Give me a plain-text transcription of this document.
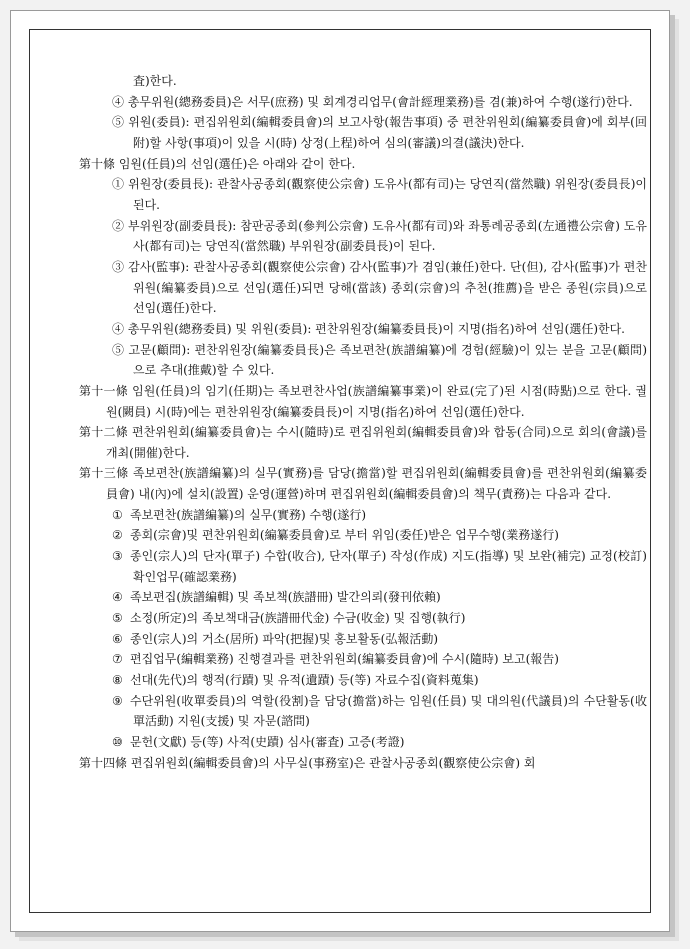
査)한다.

④ 총무위원(總務委員)은 서무(庶務) 및 회계경리업무(會計經理業務)를 겸(兼)하여 수행(遂行)한다.

⑤ 위원(委員): 편집위원회(編輯委員會)의 보고사항(報告事項) 중 편찬위원회(編纂委員會)에 회부(回附)할 사항(事項)이 있을 시(時) 상정(上程)하여 심의(審議)의결(議決)한다.

第十條 임원(任員)의 선임(選任)은 아래와 같이 한다.

① 위원장(委員長): 관찰사공종회(觀察使公宗會) 도유사(都有司)는 당연직(當然職) 위원장(委員長)이 된다.

② 부위원장(副委員長): 참판공종회(參判公宗會) 도유사(都有司)와 좌통례공종회(左通禮公宗會) 도유사(都有司)는 당연직(當然職) 부위원장(副委員長)이 된다.

③ 감사(監事): 관찰사공종회(觀察使公宗會) 감사(監事)가 겸임(兼任)한다. 단(但), 감사(監事)가 편찬위원(編纂委員)으로 선임(選任)되면 당해(當該) 종회(宗會)의 추천(推薦)을 받은 종원(宗員)으로 선임(選任)한다.

④ 총무위원(總務委員) 및 위원(委員): 편찬위원장(編纂委員長)이 지명(指名)하여 선임(選任)한다.

⑤ 고문(顧問): 편찬위원장(編纂委員長)은 족보편찬(族譜編纂)에 경험(經驗)이 있는 분을 고문(顧問)으로 추대(推戴)할 수 있다.

第十一條 임원(任員)의 임기(任期)는 족보편찬사업(族譜編纂事業)이 완료(完了)된 시점(時點)으로 한다. 궐원(闕員) 시(時)에는 편찬위원장(編纂委員長)이 지명(指名)하여 선임(選任)한다.

第十二條 편찬위원회(編纂委員會)는 수시(隨時)로 편집위원회(編輯委員會)와 합동(合同)으로 회의(會議)를 개최(開催)한다.

第十三條 족보편찬(族譜編纂)의 실무(實務)를 담당(擔當)할 편집위원회(編輯委員會)를 편찬위원회(編纂委員會) 내(內)에 설치(設置) 운영(運營)하며 편집위원회(編輯委員會)의 책무(責務)는 다음과 같다.

① 족보편찬(族譜編纂)의 실무(實務) 수행(遂行)

② 종회(宗會)및 편찬위원회(編纂委員會)로 부터 위임(委任)받은 업무수행(業務遂行)

③ 종인(宗人)의 단자(單子) 수합(收合), 단자(單子) 작성(作成) 지도(指導) 및 보완(補完) 교정(校訂) 확인업무(確認業務)

④ 족보편집(族譜編輯) 및 족보책(族譜冊) 발간의뢰(發刊依賴)

⑤ 소정(所定)의 족보책대금(族譜冊代金) 수금(收金) 및 집행(執行)

⑥ 종인(宗人)의 거소(居所) 파악(把握)및 홍보활동(弘報活動)

⑦ 편집업무(編輯業務) 진행결과를 편찬위원회(編纂委員會)에 수시(隨時) 보고(報告)

⑧ 선대(先代)의 행적(行蹟) 및 유적(遺蹟) 등(等) 자료수집(資料蒐集)

⑨ 수단위원(收單委員)의 역할(役割)을 담당(擔當)하는 임원(任員) 및 대의원(代議員)의 수단활동(收單活動) 지원(支援) 및 자문(諮問)

⑩ 문헌(文獻) 등(等) 사적(史蹟) 심사(審査) 고증(考證)

第十四條 편집위원회(編輯委員會)의 사무실(事務室)은 관찰사공종회(觀察使公宗會) 회
